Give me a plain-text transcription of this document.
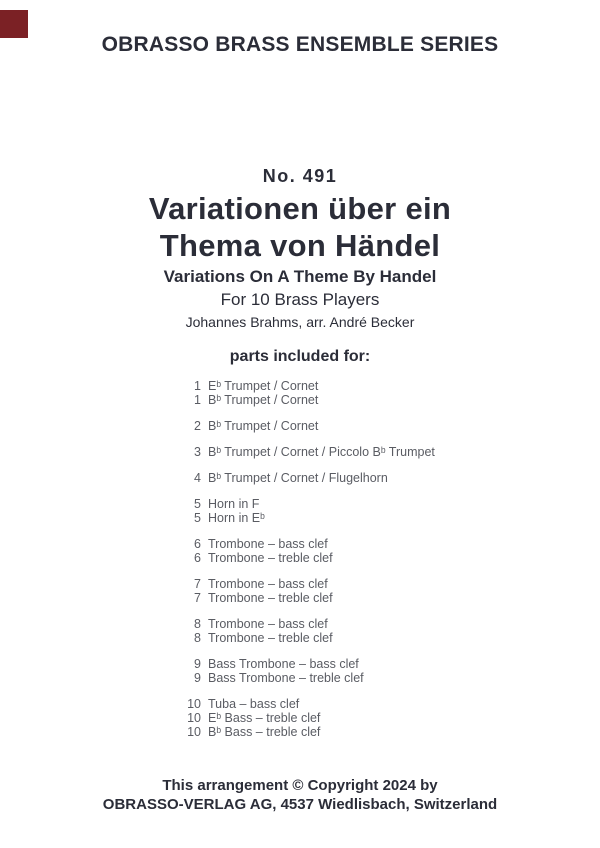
OBRASSO BRASS ENSEMBLE SERIES
No. 491
Variationen über ein
Thema von Händel
Variations On A Theme By Handel
For 10 Brass Players
Johannes Brahms, arr. André Becker
parts included for:
1 Eᵇ Trumpet / Cornet
1 Bᵇ Trumpet / Cornet
2 Bᵇ Trumpet / Cornet
3 Bᵇ Trumpet / Cornet / Piccolo Bᵇ Trumpet
4 Bᵇ Trumpet / Cornet / Flugelhorn
5 Horn in F
5 Horn in Eᵇ
6 Trombone – bass clef
6 Trombone – treble clef
7 Trombone – bass clef
7 Trombone – treble clef
8 Trombone – bass clef
8 Trombone – treble clef
9 Bass Trombone – bass clef
9 Bass Trombone – treble clef
10 Tuba – bass clef
10 Eᵇ Bass – treble clef
10 Bᵇ Bass – treble clef
This arrangement © Copyright 2024 by
OBRASSO-VERLAG AG, 4537 Wiedlisbach, Switzerland
